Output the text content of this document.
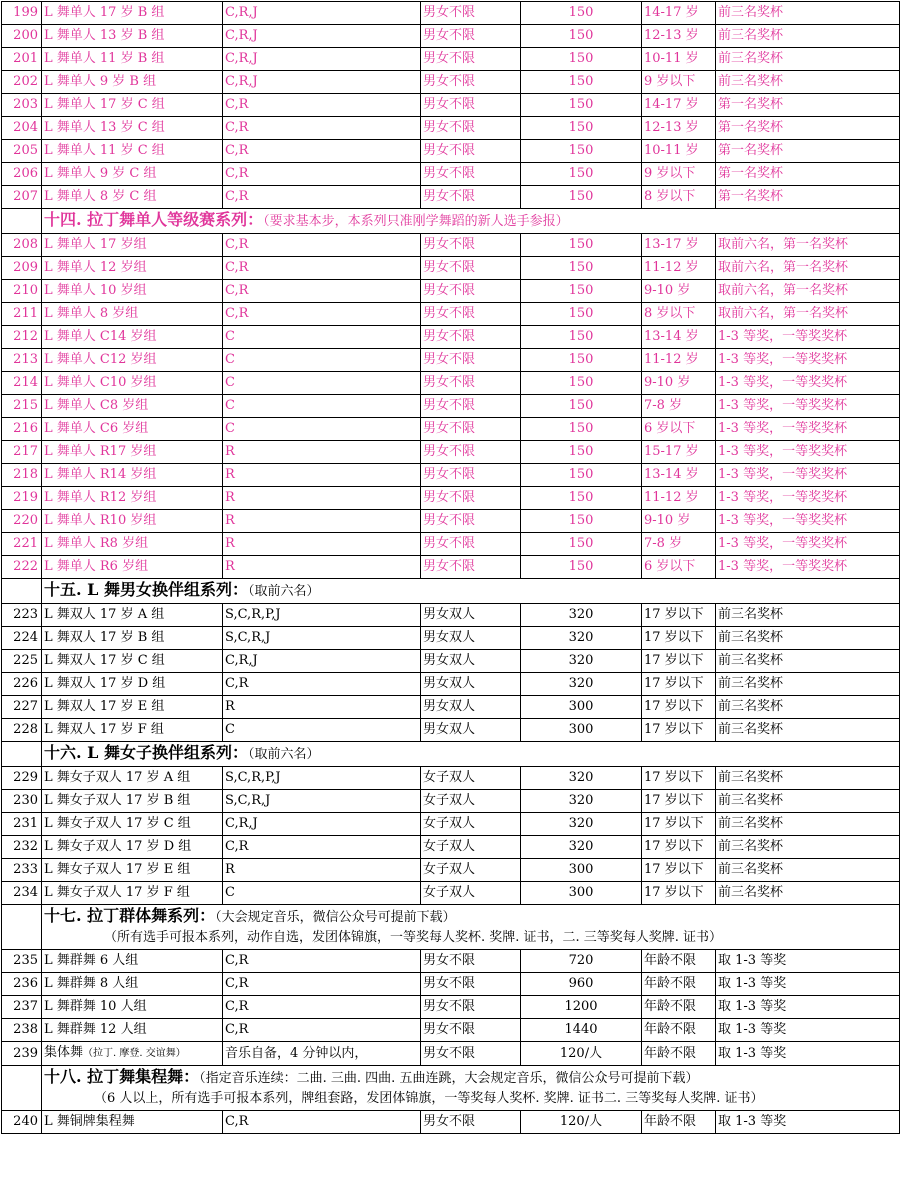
199	L 舞单人 17 岁 B 组	C,R,J	男女不限	150	14-17 岁	前三名奖杯
200	L 舞单人 13 岁 B 组	C,R,J	男女不限	150	12-13 岁	前三名奖杯
201	L 舞单人 11 岁 B 组	C,R,J	男女不限	150	10-11 岁	前三名奖杯
202	L 舞单人 9 岁 B 组	C,R,J	男女不限	150	9 岁以下	前三名奖杯
203	L 舞单人 17 岁 C 组	C,R	男女不限	150	14-17 岁	第一名奖杯
204	L 舞单人 13 岁 C 组	C,R	男女不限	150	12-13 岁	第一名奖杯
205	L 舞单人 11 岁 C 组	C,R	男女不限	150	10-11 岁	第一名奖杯
206	L 舞单人 9 岁 C 组	C,R	男女不限	150	9 岁以下	第一名奖杯
207	L 舞单人 8 岁 C 组	C,R	男女不限	150	8 岁以下	第一名奖杯
	十四. 拉丁舞单人等级赛系列：（要求基本步，本系列只准刚学舞蹈的新人选手参报）					
208	L 舞单人 17 岁组	C,R	男女不限	150	13-17 岁	取前六名，第一名奖杯
209	L 舞单人 12 岁组	C,R	男女不限	150	11-12 岁	取前六名，第一名奖杯
210	L 舞单人 10 岁组	C,R	男女不限	150	9-10 岁	取前六名，第一名奖杯
211	L 舞单人 8 岁组	C,R	男女不限	150	8 岁以下	取前六名，第一名奖杯
212	L 舞单人 C14 岁组	C	男女不限	150	13-14 岁	1-3 等奖，一等奖奖杯
213	L 舞单人 C12 岁组	C	男女不限	150	11-12 岁	1-3 等奖，一等奖奖杯
214	L 舞单人 C10 岁组	C	男女不限	150	9-10 岁	1-3 等奖，一等奖奖杯
215	L 舞单人 C8 岁组	C	男女不限	150	7-8 岁	1-3 等奖，一等奖奖杯
216	L 舞单人 C6 岁组	C	男女不限	150	6 岁以下	1-3 等奖，一等奖奖杯
217	L 舞单人 R17 岁组	R	男女不限	150	15-17 岁	1-3 等奖，一等奖奖杯
218	L 舞单人 R14 岁组	R	男女不限	150	13-14 岁	1-3 等奖，一等奖奖杯
219	L 舞单人 R12 岁组	R	男女不限	150	11-12 岁	1-3 等奖，一等奖奖杯
220	L 舞单人 R10 岁组	R	男女不限	150	9-10 岁	1-3 等奖，一等奖奖杯
221	L 舞单人 R8 岁组	R	男女不限	150	7-8 岁	1-3 等奖，一等奖奖杯
222	L 舞单人 R6 岁组	R	男女不限	150	6 岁以下	1-3 等奖，一等奖奖杯
	十五. L 舞男女换伴组系列：（取前六名）					
223	L 舞双人 17 岁 A 组	S,C,R,P,J	男女双人	320	17 岁以下	前三名奖杯
224	L 舞双人 17 岁 B 组	S,C,R,J	男女双人	320	17 岁以下	前三名奖杯
225	L 舞双人 17 岁 C 组	C,R,J	男女双人	320	17 岁以下	前三名奖杯
226	L 舞双人 17 岁 D 组	C,R	男女双人	320	17 岁以下	前三名奖杯
227	L 舞双人 17 岁 E 组	R	男女双人	300	17 岁以下	前三名奖杯
228	L 舞双人 17 岁 F 组	C	男女双人	300	17 岁以下	前三名奖杯
	十六. L 舞女子换伴组系列：（取前六名）					
229	L 舞女子双人 17 岁 A 组	S,C,R,P,J	女子双人	320	17 岁以下	前三名奖杯
230	L 舞女子双人 17 岁 B 组	S,C,R,J	女子双人	320	17 岁以下	前三名奖杯
231	L 舞女子双人 17 岁 C 组	C,R,J	女子双人	320	17 岁以下	前三名奖杯
232	L 舞女子双人 17 岁 D 组	C,R	女子双人	320	17 岁以下	前三名奖杯
233	L 舞女子双人 17 岁 E 组	R	女子双人	300	17 岁以下	前三名奖杯
234	L 舞女子双人 17 岁 F 组	C	女子双人	300	17 岁以下	前三名奖杯
	十七. 拉丁群体舞系列：（大会规定音乐，微信公众号可提前下载）
（所有选手可报本系列，动作自选，发团体锦旗，一等奖每人奖杯. 奖牌. 证书，二. 三等奖每人奖牌. 证书）					

235	L 舞群舞 6 人组	C,R	男女不限	720	年龄不限	取 1-3 等奖
236	L 舞群舞 8 人组	C,R	男女不限	960	年龄不限	取 1-3 等奖
237	L 舞群舞 10 人组	C,R	男女不限	1200	年龄不限	取 1-3 等奖
238	L 舞群舞 12 人组	C,R	男女不限	1440	年龄不限	取 1-3 等奖
239	集体舞（拉丁. 摩登. 交谊舞）	音乐自备，4 分钟以内，	男女不限	120/人	年龄不限	取 1-3 等奖
	十八. 拉丁舞集程舞：（指定音乐连续：二曲. 三曲. 四曲. 五曲连跳，大会规定音乐，微信公众号可提前下载）
（6 人以上，所有选手可报本系列，牌组套路，发团体锦旗，一等奖每人奖杯. 奖牌. 证书二. 三等奖每人奖牌. 证书）					

240	L 舞铜牌集程舞	C,R	男女不限	120/人	年龄不限	取 1-3 等奖
